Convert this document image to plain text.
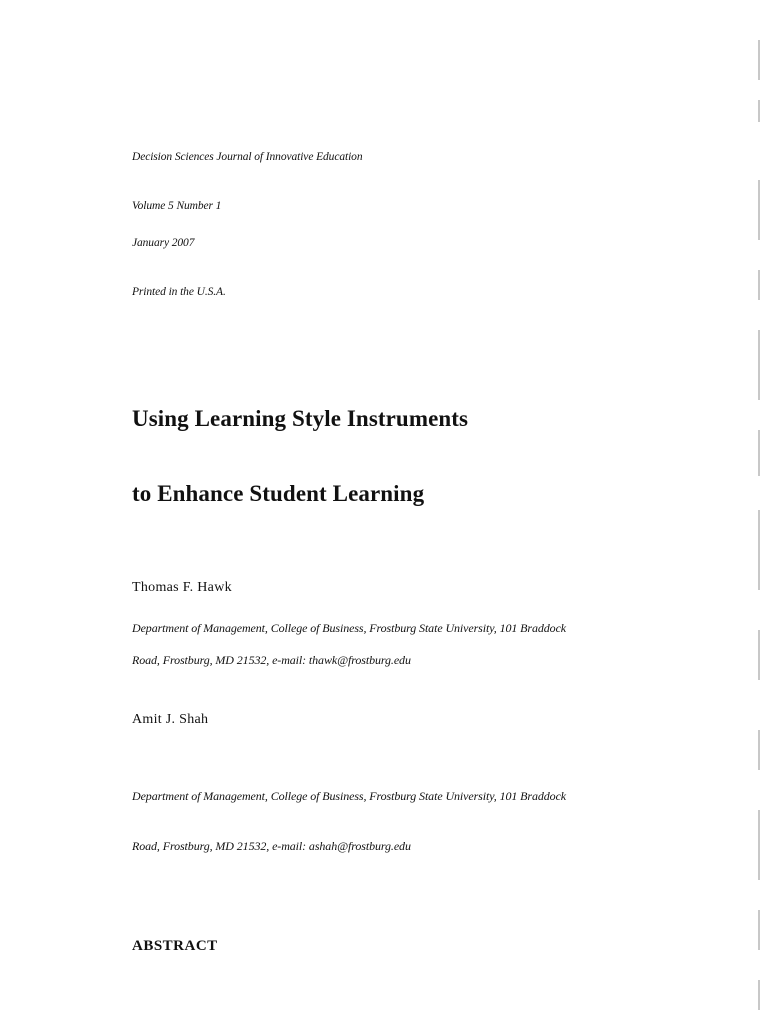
Decision Sciences Journal of Innovative Education
Volume 5 Number 1
January 2007
Printed in the U.S.A.
Using Learning Style Instruments
to Enhance Student Learning
Thomas F. Hawk
Department of Management, College of Business, Frostburg State University, 101 Braddock
Road, Frostburg, MD 21532, e-mail: thawk@frostburg.edu
Amit J. Shah
Department of Management, College of Business, Frostburg State University, 101 Braddock
Road, Frostburg, MD 21532, e-mail: ashah@frostburg.edu
ABSTRACT
